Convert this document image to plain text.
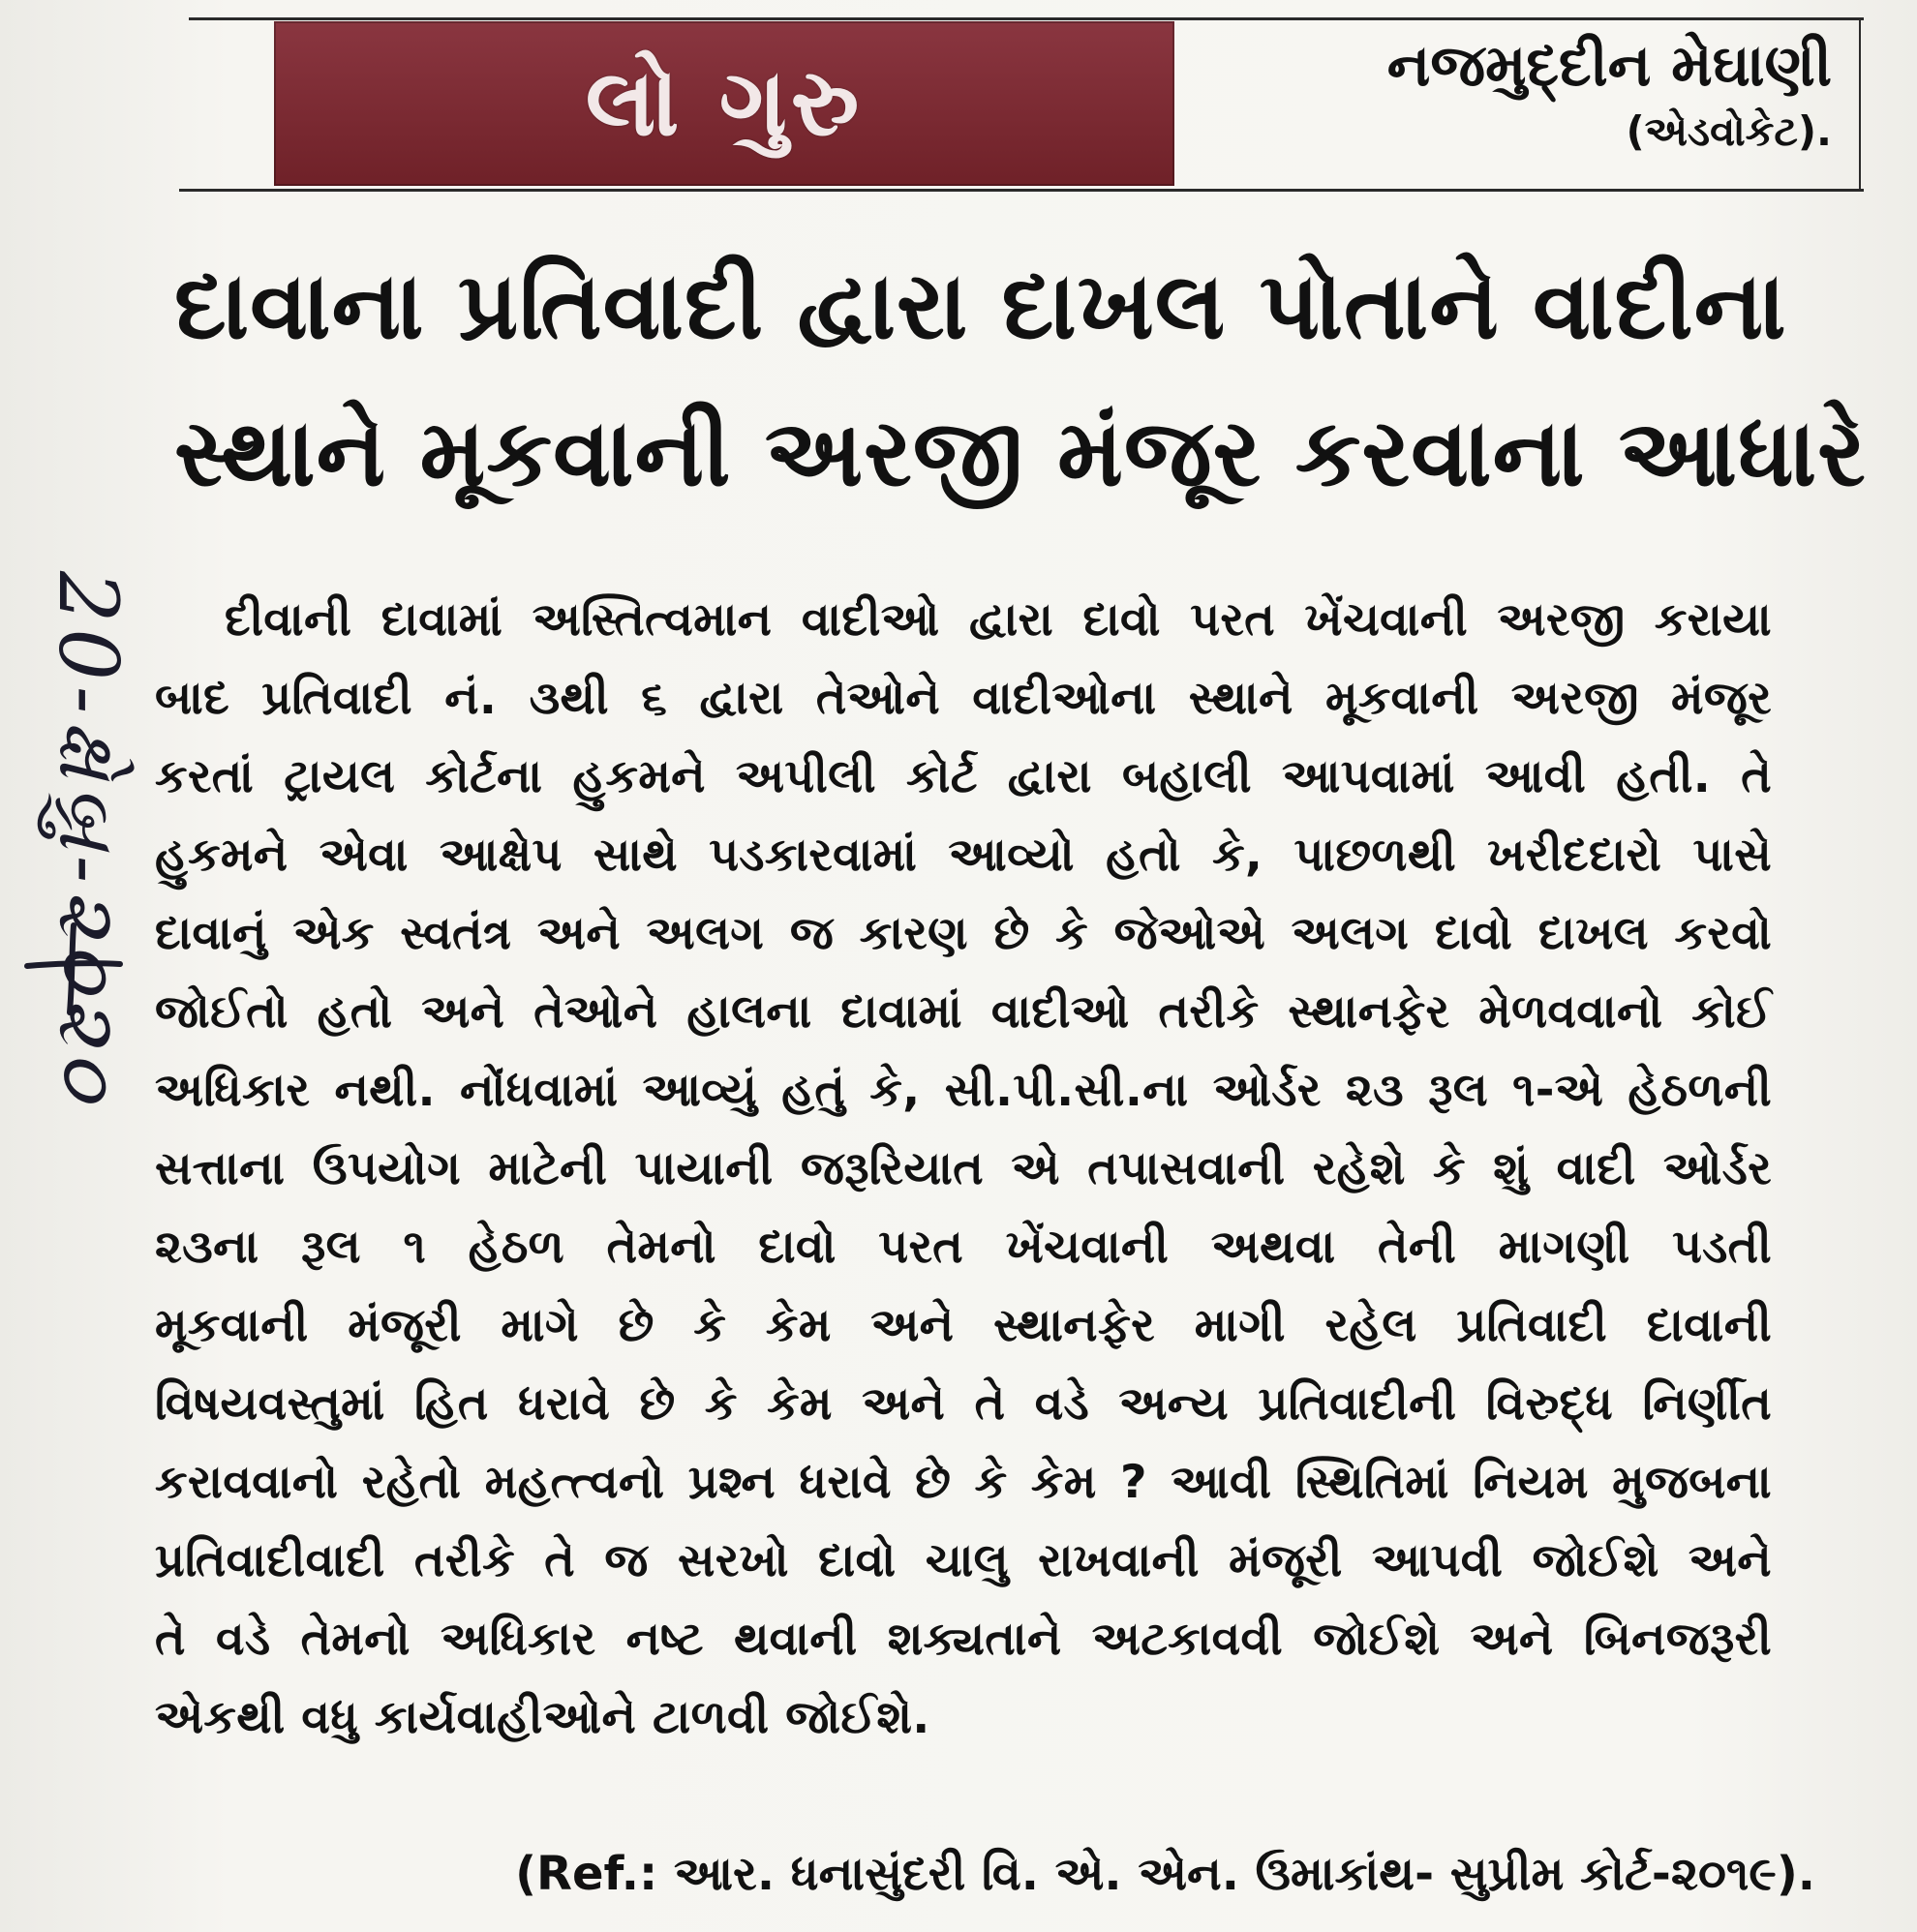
લો ગુરુ	નજમુદ્દીન મેઘાણી
(એડવોકેટ).
દાવાના પ્રતિવાદી દ્વારા દાખલ પોતાને વાદીના
સ્થાને મૂકવાની અરજી મંજૂર કરવાના આધારે
દીવાની દાવામાં અસ્તિત્વમાન વાદીઓ દ્વારા દાવો પરત ખેંચવાની અરજી કરાયા
બાદ પ્રતિવાદી નં. ૩થી ૬ દ્વારા તેઓને વાદીઓના સ્થાને મૂકવાની અરજી મંજૂર
કરતાં ટ્રાયલ કોર્ટના હુકમને અપીલી કોર્ટ દ્વારા બહાલી આપવામાં આવી હતી. તે
હુકમને એવા આક્ષેપ સાથે પડકારવામાં આવ્યો હતો કે, પાછળથી ખરીદદારો પાસે
દાવાનું એક સ્વતંત્ર અને અલગ જ કારણ છે કે જેઓએ અલગ દાવો દાખલ કરવો
જોઈતો હતો અને તેઓને હાલના દાવામાં વાદીઓ તરીકે સ્થાનફેર મેળવવાનો કોઈ
અધિકાર નથી. નોંધવામાં આવ્યું હતું કે, સી.પી.સી.ના ઓર્ડર ૨૩ રૂલ ૧-એ હેઠળની
સત્તાના ઉપયોગ માટેની પાયાની જરૂરિયાત એ તપાસવાની રહેશે કે શું વાદી ઓર્ડર
૨૩ના રૂલ ૧ હેઠળ તેમનો દાવો પરત ખેંચવાની અથવા તેની માગણી પડતી
મૂકવાની મંજૂરી માગે છે કે કેમ અને સ્થાનફેર માગી રહેલ પ્રતિવાદી દાવાની
વિષયવસ્તુમાં હિત ધરાવે છે કે કેમ અને તે વડે અન્ય પ્રતિવાદીની વિરુદ્ધ નિર્ણીત
કરાવવાનો રહેતો મહત્ત્વનો પ્રશ્ન ધરાવે છે કે કેમ ? આવી સ્થિતિમાં નિયમ મુજબના
પ્રતિવાદીવાદી તરીકે તે જ સરખો દાવો ચાલુ રાખવાની મંજૂરી આપવી જોઈશે અને
તે વડે તેમનો અધિકાર નષ્ટ થવાની શક્યતાને અટકાવવી જોઈશે અને બિનજરૂરી
એકથી વધુ કાર્યવાહીઓને ટાળવી જોઈશે.
(Ref.: આર. ધનાસુંદરી વિ. એ. એન. ઉમાકાંથ- સુપ્રીમ કોર્ટ-૨૦૧૯).
20-ક્ષેબ્રુ-૨૦૨૦
